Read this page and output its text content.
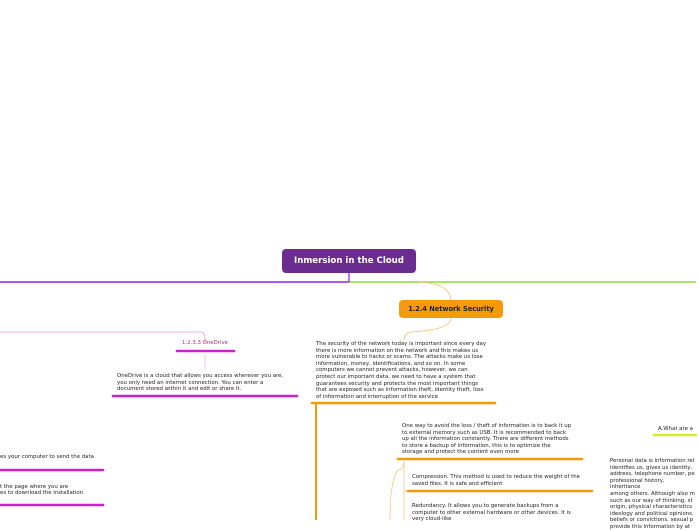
Inmersion in the Cloud
1.2.4 Network Security
1.2.3.3 OneDrive
OneDrive is a cloud that allows you access wherever you are,
you only need an internet connection. You can enter a
document stored within it and edit or share it.
The security of the network today is important since every day
there is more information on the network and this makes us
more vulnerable to hacks or scams. The attacks make us lose
information, money, identifications, and so on. In some
computers we cannot prevent attacks, however, we can
protect our important data, we need to have a system that
guarantees security and protects the most important things
that are exposed such as information theft, identity theft, loss
of information and interruption of the service
One way to avoid the loss / theft of information is to back it up
to external memory such as USB. It is recommended to back
up all the information constantly. There are different methods
to store a backup of information, this is to optimize the
storage and protect the content even more
Compression. This method is used to reduce the weight of the
saved files. It is safe and efficient
Redundancy. It allows you to generate backups from a
computer to other external hardware or other devices. It is
very cloud-like
es your computer to send the data
t the page where you are
es to download the installation
A.What are a
Personal data is information rel
identifies us, gives us identity,
address, telephone number, pe
professional history, inheritance
among others. Although also m
such as our way of thinking, st
origin, physical characteristics
ideology and political opinions,
beliefs or convictions, sexual p
provide this information by at
